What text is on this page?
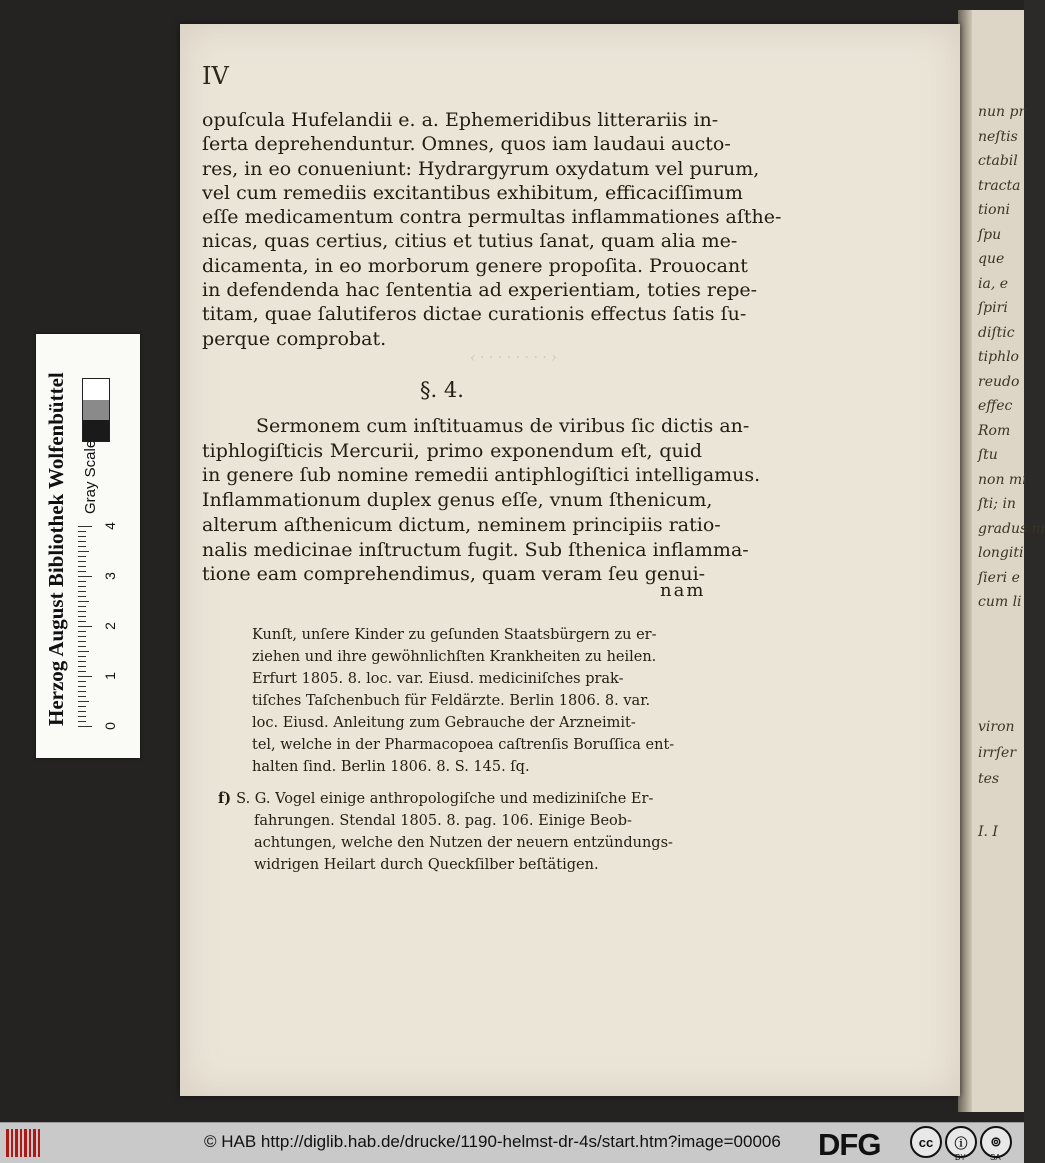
nun pr
neſtis
ctabil
tracta
tioni
ſpu
que
ia, e
ſpiri
diſtic
tiphlo
reudo
effec
Rom
ſtu
non mi
ſti; in
gradus m
longiti
ſieri e
cum li
viron
irrſer
tes
I. I
‹ · · · · · · · · ›
IV
opuſcula Hufelandii e. a. Ephemeridibus litterariis in-
ſerta deprehenduntur. Omnes, quos iam laudaui aucto-
res, in eo conueniunt: Hydrargyrum oxydatum vel purum,
vel cum remediis excitantibus exhibitum, efficaciſſimum
eſſe medicamentum contra permultas inflammationes aſthe-
nicas, quas certius, citius et tutius ſanat, quam alia me-
dicamenta, in eo morborum genere propoſita. Prouocant
in defendenda hac ſententia ad experientiam, toties repe-
titam, quae ſalutiferos dictae curationis effectus ſatis ſu-
perque comprobat.
§. 4.
Sermonem cum inſtituamus de viribus ſic dictis an-
tiphlogiſticis Mercurii, primo exponendum eſt, quid
in genere ſub nomine remedii antiphlogiſtici intelligamus.
Inflammationum duplex genus eſſe, vnum ſthenicum,
alterum aſthenicum dictum, neminem principiis ratio-
nalis medicinae inſtructum fugit. Sub ſthenica inflamma-
tione eam comprehendimus, quam veram ſeu genui-
nam
Kunſt, unſere Kinder zu geſunden Staatsbürgern zu er-
ziehen und ihre gewöhnlichſten Krankheiten zu heilen.
Erfurt 1805. 8. loc. var. Eiusd. mediciniſches prak-
tiſches Taſchenbuch für Feldärzte. Berlin 1806. 8. var.
loc. Eiusd. Anleitung zum Gebrauche der Arzneimit-
tel, welche in der Pharmacopoea caſtrenſis Boruſſica ent-
halten ſind. Berlin 1806. 8. S. 145. ſq.
f) S. G. Vogel einige anthropologiſche und mediziniſche Er-
fahrungen. Stendal 1805. 8. pag. 106. Einige Beob-
achtungen, welche den Nutzen der neuern entzündungs-
widrigen Heilart durch Queckſilber beſtätigen.
Herzog August Bibliothek Wolfenbüttel Gray Scale
0
1
2
3
4
© HAB http://diglib.hab.de/drucke/1190-helmst-dr-4s/start.htm?image=00006 DFG	cc	ⓘ	⊚
BY	SA
